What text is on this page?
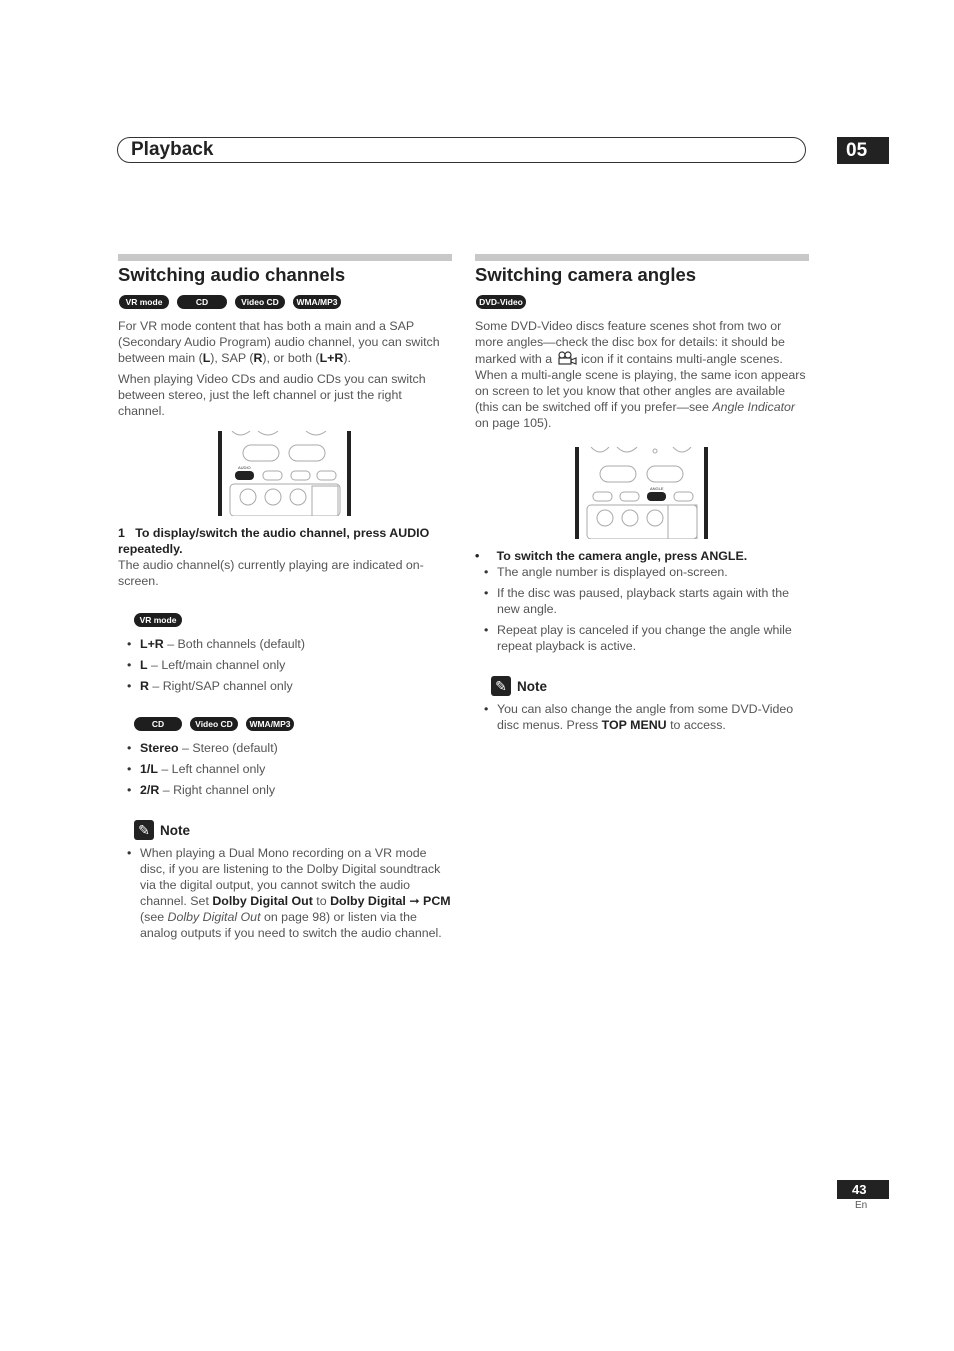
Playback	05
Switching audio channels
VR mode	CD	Video CD	WMA/MP3

For VR mode content that has both a main and a SAP (Secondary Audio Program) audio channel, you can switch between main (L), SAP (R), or both (L+R).

When playing Video CDs and audio CDs you can switch between stereo, just the left channel or just the right channel.

AUDIO
1 To display/switch the audio channel, press AUDIO repeatedly.

The audio channel(s) currently playing are indicated on-screen.

VR mode
• L+R – Both channels (default)
• L – Left/main channel only
• R – Right/SAP channel only
CD	Video CD	WMA/MP3
• Stereo – Stereo (default)
• 1/L – Left channel only
• 2/R – Right channel only
✎ Note
• When playing a Dual Mono recording on a VR mode disc, if you are listening to the Dolby Digital soundtrack via the digital output, you cannot switch the audio channel. Set Dolby Digital Out to Dolby Digital ➞ PCM (see Dolby Digital Out on page 98) or listen via the analog outputs if you need to switch the audio channel.
Switching camera angles
DVD-Video

Some DVD-Video discs feature scenes shot from two or more angles—check the disc box for details: it should be marked with a  icon if it contains multi-angle scenes. When a multi-angle scene is playing, the same icon appears on screen to let you know that other angles are available (this can be switched off if you prefer—see Angle Indicator on page 105).

ANGLE
• To switch the camera angle, press ANGLE.
• The angle number is displayed on-screen.
• If the disc was paused, playback starts again with the new angle.
• Repeat play is canceled if you change the angle while repeat playback is active.
✎ Note
• You can also change the angle from some DVD-Video disc menus. Press TOP MENU to access.
43
En
